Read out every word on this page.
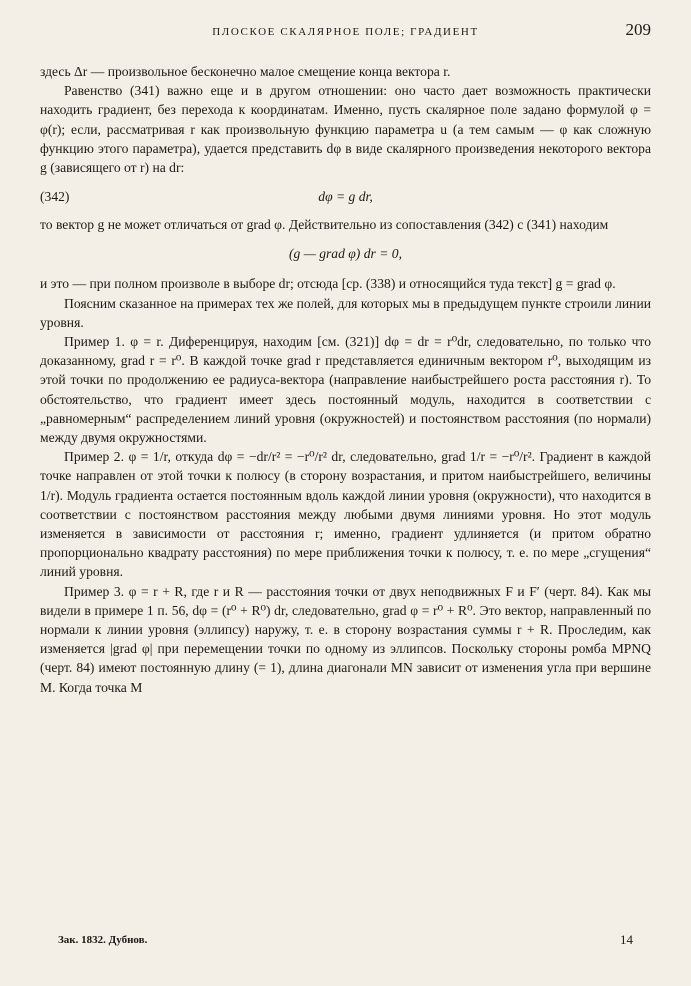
ПЛОСКОЕ СКАЛЯРНОЕ ПОЛЕ; ГРАДИЕНТ	209

здесь Δr — произвольное бесконечно малое смещение конца вектора r.

Равенство (341) важно еще и в другом отношении: оно часто дает возможность практически находить градиент, без перехода к координатам. Именно, пусть скалярное поле задано формулой φ = φ(r); если, рассматривая r как произвольную функцию параметра u (а тем самым — φ как сложную функцию этого параметра), удается представить dφ в виде скалярного произведения некоторого вектора g (зависящего от r) на dr:

(342)	dφ = g dr,

то вектор g не может отличаться от grad φ. Действительно из сопоставления (342) с (341) находим

(g — grad φ) dr = 0,

и это — при полном произволе в выборе dr; отсюда [ср. (338) и относящийся туда текст] g = grad φ.

Поясним сказанное на примерах тех же полей, для которых мы в предыдущем пункте строили линии уровня.

Пример 1. φ = r. Диференцируя, находим [см. (321)] dφ = dr = r⁰dr, следовательно, по только что доказанному, grad r = r⁰. В каждой точке grad r представляется единичным вектором r⁰, выходящим из этой точки по продолжению ее радиуса-вектора (направление наибыстрейшего роста расстояния r). То обстоятельство, что градиент имеет здесь постоянный модуль, находится в соответствии с „равномерным“ распределением линий уровня (окружностей) и постоянством расстояния (по нормали) между двумя окружностями.

Пример 2. φ = 1/r, откуда dφ = −dr/r² = −r⁰/r² dr, следовательно, grad 1/r = −r⁰/r². Градиент в каждой точке направлен от этой точки к полюсу (в сторону возрастания, и притом наибыстрейшего, величины 1/r). Модуль градиента остается постоянным вдоль каждой линии уровня (окружности), что находится в соответствии с постоянством расстояния между любыми двумя линиями уровня. Но этот модуль изменяется в зависимости от расстояния r; именно, градиент удлиняется (и притом обратно пропорционально квадрату расстояния) по мере приближения точки к полюсу, т. е. по мере „сгущения“ линий уровня.

Пример 3. φ = r + R, где r и R — расстояния точки от двух неподвижных F и F′ (черт. 84). Как мы видели в примере 1 п. 56, dφ = (r⁰ + R⁰) dr, следовательно, grad φ = r⁰ + R⁰. Это вектор, направленный по нормали к линии уровня (эллипсу) наружу, т. е. в сторону возрастания суммы r + R. Проследим, как изменяется |grad φ| при перемещении точки по одному из эллипсов. Поскольку стороны ромба MPNQ (черт. 84) имеют постоянную длину (= 1), длина диагонали MN зависит от изменения угла при вершине M. Когда точка M

Зак. 1832. Дубнов.	14
